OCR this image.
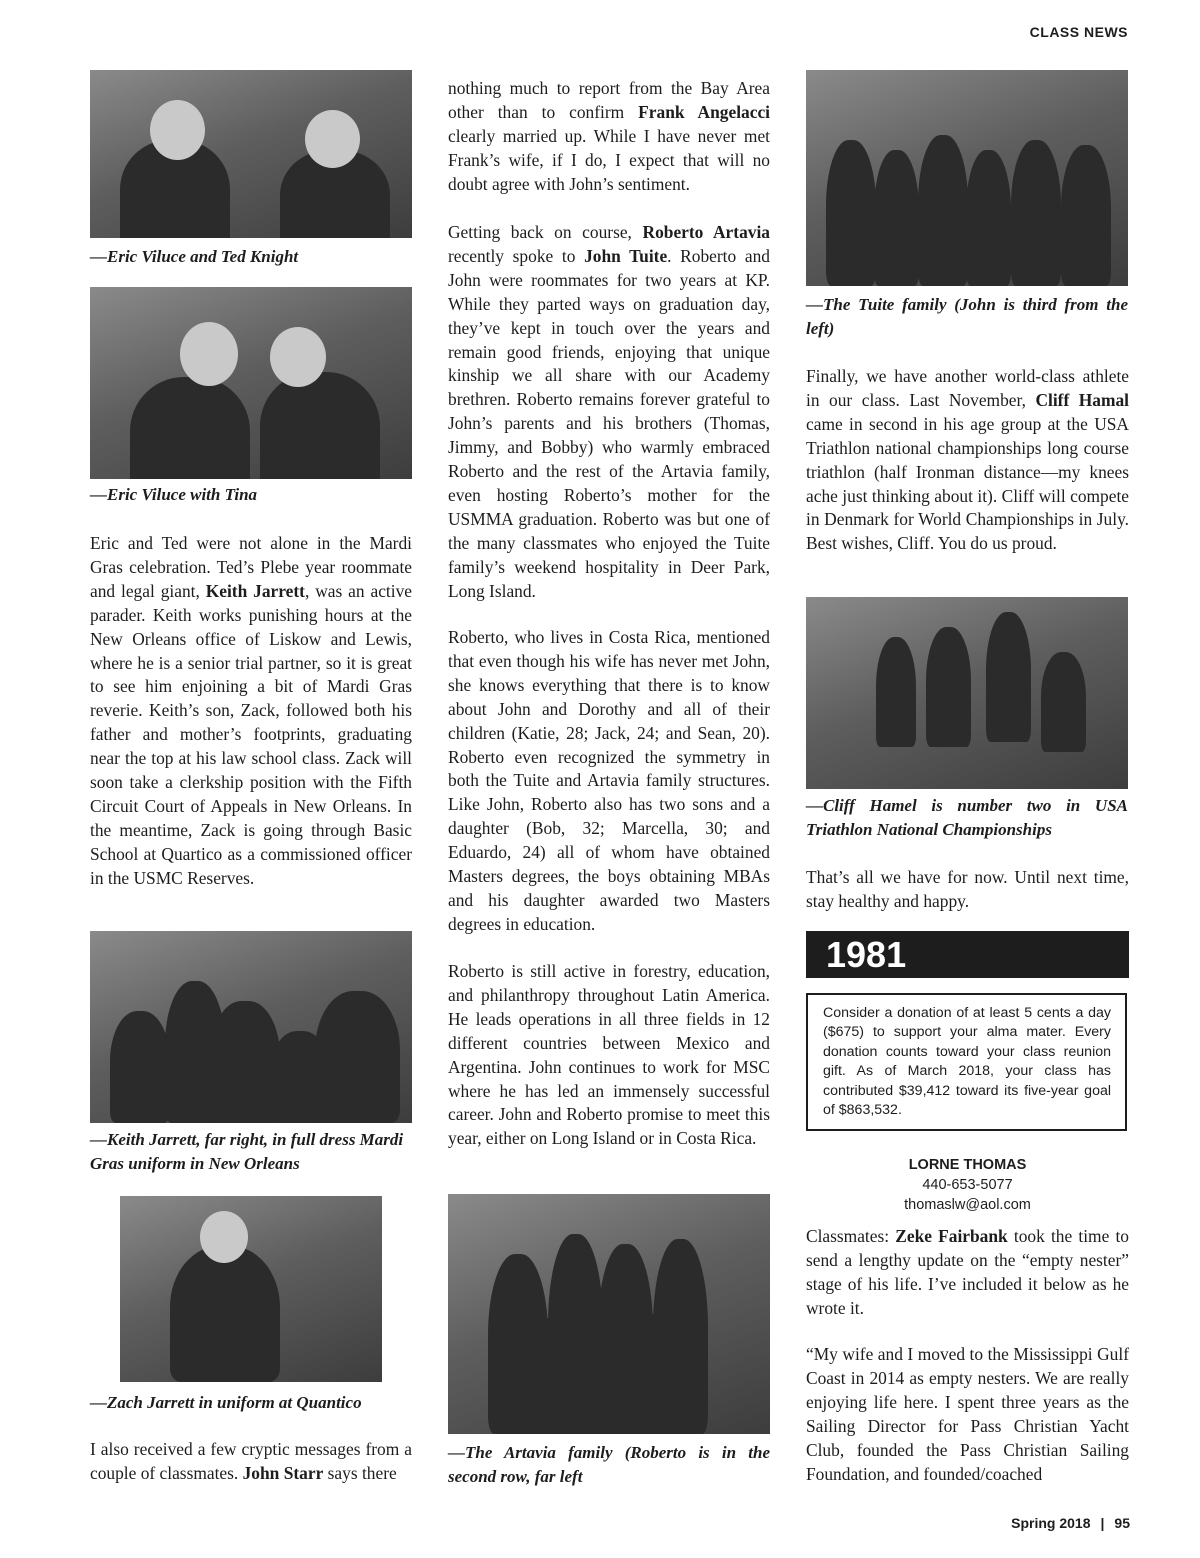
CLASS NEWS
—Eric Viluce and Ted Knight
—Eric Viluce with Tina

Eric and Ted were not alone in the Mardi Gras celebration. Ted’s Plebe year roommate and legal giant, Keith Jarrett, was an active parader. Keith works punishing hours at the New Orleans office of Liskow and Lewis, where he is a senior trial partner, so it is great to see him enjoining a bit of Mardi Gras reverie. Keith’s son, Zack, followed both his father and mother’s footprints, graduating near the top at his law school class. Zack will soon take a clerkship position with the Fifth Circuit Court of Appeals in New Orleans. In the meantime, Zack is going through Basic School at Quartico as a commissioned officer in the USMC Reserves.

—Keith Jarrett, far right, in full dress Mardi Gras uniform in New Orleans
—Zach Jarrett in uniform at Quantico

I also received a few cryptic messages from a couple of classmates. John Starr says there

nothing much to report from the Bay Area other than to confirm Frank Angelacci clearly married up. While I have never met Frank’s wife, if I do, I expect that will no doubt agree with John’s sentiment.

Getting back on course, Roberto Artavia recently spoke to John Tuite. Roberto and John were roommates for two years at KP. While they parted ways on graduation day, they’ve kept in touch over the years and remain good friends, enjoying that unique kinship we all share with our Academy brethren. Roberto remains forever grateful to John’s parents and his brothers (Thomas, Jimmy, and Bobby) who warmly embraced Roberto and the rest of the Artavia family, even hosting Roberto’s mother for the USMMA graduation. Roberto was but one of the many classmates who enjoyed the Tuite family’s weekend hospitality in Deer Park, Long Island.

Roberto, who lives in Costa Rica, mentioned that even though his wife has never met John, she knows everything that there is to know about John and Dorothy and all of their children (Katie, 28; Jack, 24; and Sean, 20). Roberto even recognized the symmetry in both the Tuite and Artavia family structures. Like John, Roberto also has two sons and a daughter (Bob, 32; Marcella, 30; and Eduardo, 24) all of whom have obtained Masters degrees, the boys obtaining MBAs and his daughter awarded two Masters degrees in education.

Roberto is still active in forestry, education, and philanthropy throughout Latin America. He leads operations in all three fields in 12 different countries between Mexico and Argentina. John continues to work for MSC where he has led an immensely successful career. John and Roberto promise to meet this year, either on Long Island or in Costa Rica.

—The Artavia family (Roberto is in the second row, far left
—The Tuite family (John is third from the left)

Finally, we have another world-class athlete in our class. Last November, Cliff Hamal came in second in his age group at the USA Triathlon national championships long course triathlon (half Ironman distance—my knees ache just thinking about it). Cliff will compete in Denmark for World Championships in July. Best wishes, Cliff. You do us proud.

—Cliff Hamel is number two in USA Triathlon National Championships

That’s all we have for now. Until next time, stay healthy and happy.

1981
Consider a donation of at least 5 cents a day ($675) to support your alma mater. Every donation counts toward your class reunion gift. As of March 2018, your class has contributed $39,412 toward its five-year goal of $863,532.
LORNE THOMAS
440-653-5077
thomaslw@aol.com

Classmates: Zeke Fairbank took the time to send a lengthy update on the “empty nester” stage of his life. I’ve included it below as he wrote it.

“My wife and I moved to the Mississippi Gulf Coast in 2014 as empty nesters. We are really enjoying life here. I spent three years as the Sailing Director for Pass Christian Yacht Club, founded the Pass Christian Sailing Foundation, and founded/coached

Spring 2018 | 95
